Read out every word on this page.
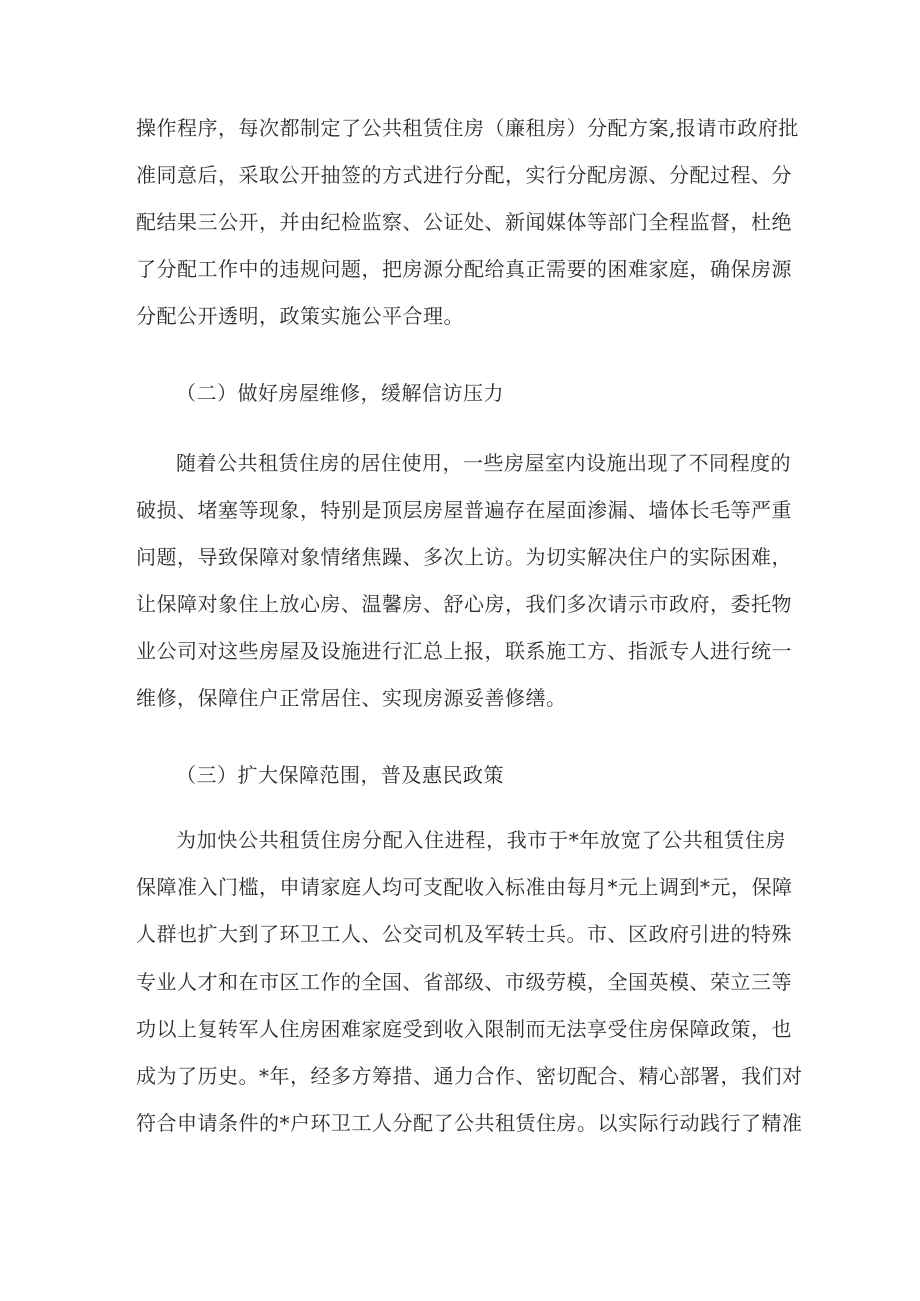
操作程序，每次都制定了公共租赁住房（廉租房）分配方案,报请市政府批
准同意后，采取公开抽签的方式进行分配，实行分配房源、分配过程、分
配结果三公开，并由纪检监察、公证处、新闻媒体等部门全程监督，杜绝
了分配工作中的违规问题，把房源分配给真正需要的困难家庭，确保房源
分配公开透明，政策实施公平合理。
（二）做好房屋维修，缓解信访压力
随着公共租赁住房的居住使用，一些房屋室内设施出现了不同程度的
破损、堵塞等现象，特别是顶层房屋普遍存在屋面渗漏、墙体长毛等严重
问题，导致保障对象情绪焦躁、多次上访。为切实解决住户的实际困难，
让保障对象住上放心房、温馨房、舒心房，我们多次请示市政府，委托物
业公司对这些房屋及设施进行汇总上报，联系施工方、指派专人进行统一
维修，保障住户正常居住、实现房源妥善修缮。
（三）扩大保障范围，普及惠民政策
为加快公共租赁住房分配入住进程，我市于*年放宽了公共租赁住房
保障准入门槛，申请家庭人均可支配收入标准由每月*元上调到*元，保障
人群也扩大到了环卫工人、公交司机及军转士兵。市、区政府引进的特殊
专业人才和在市区工作的全国、省部级、市级劳模，全国英模、荣立三等
功以上复转军人住房困难家庭受到收入限制而无法享受住房保障政策，也
成为了历史。*年，经多方筹措、通力合作、密切配合、精心部署，我们对
符合申请条件的*户环卫工人分配了公共租赁住房。以实际行动践行了精准
